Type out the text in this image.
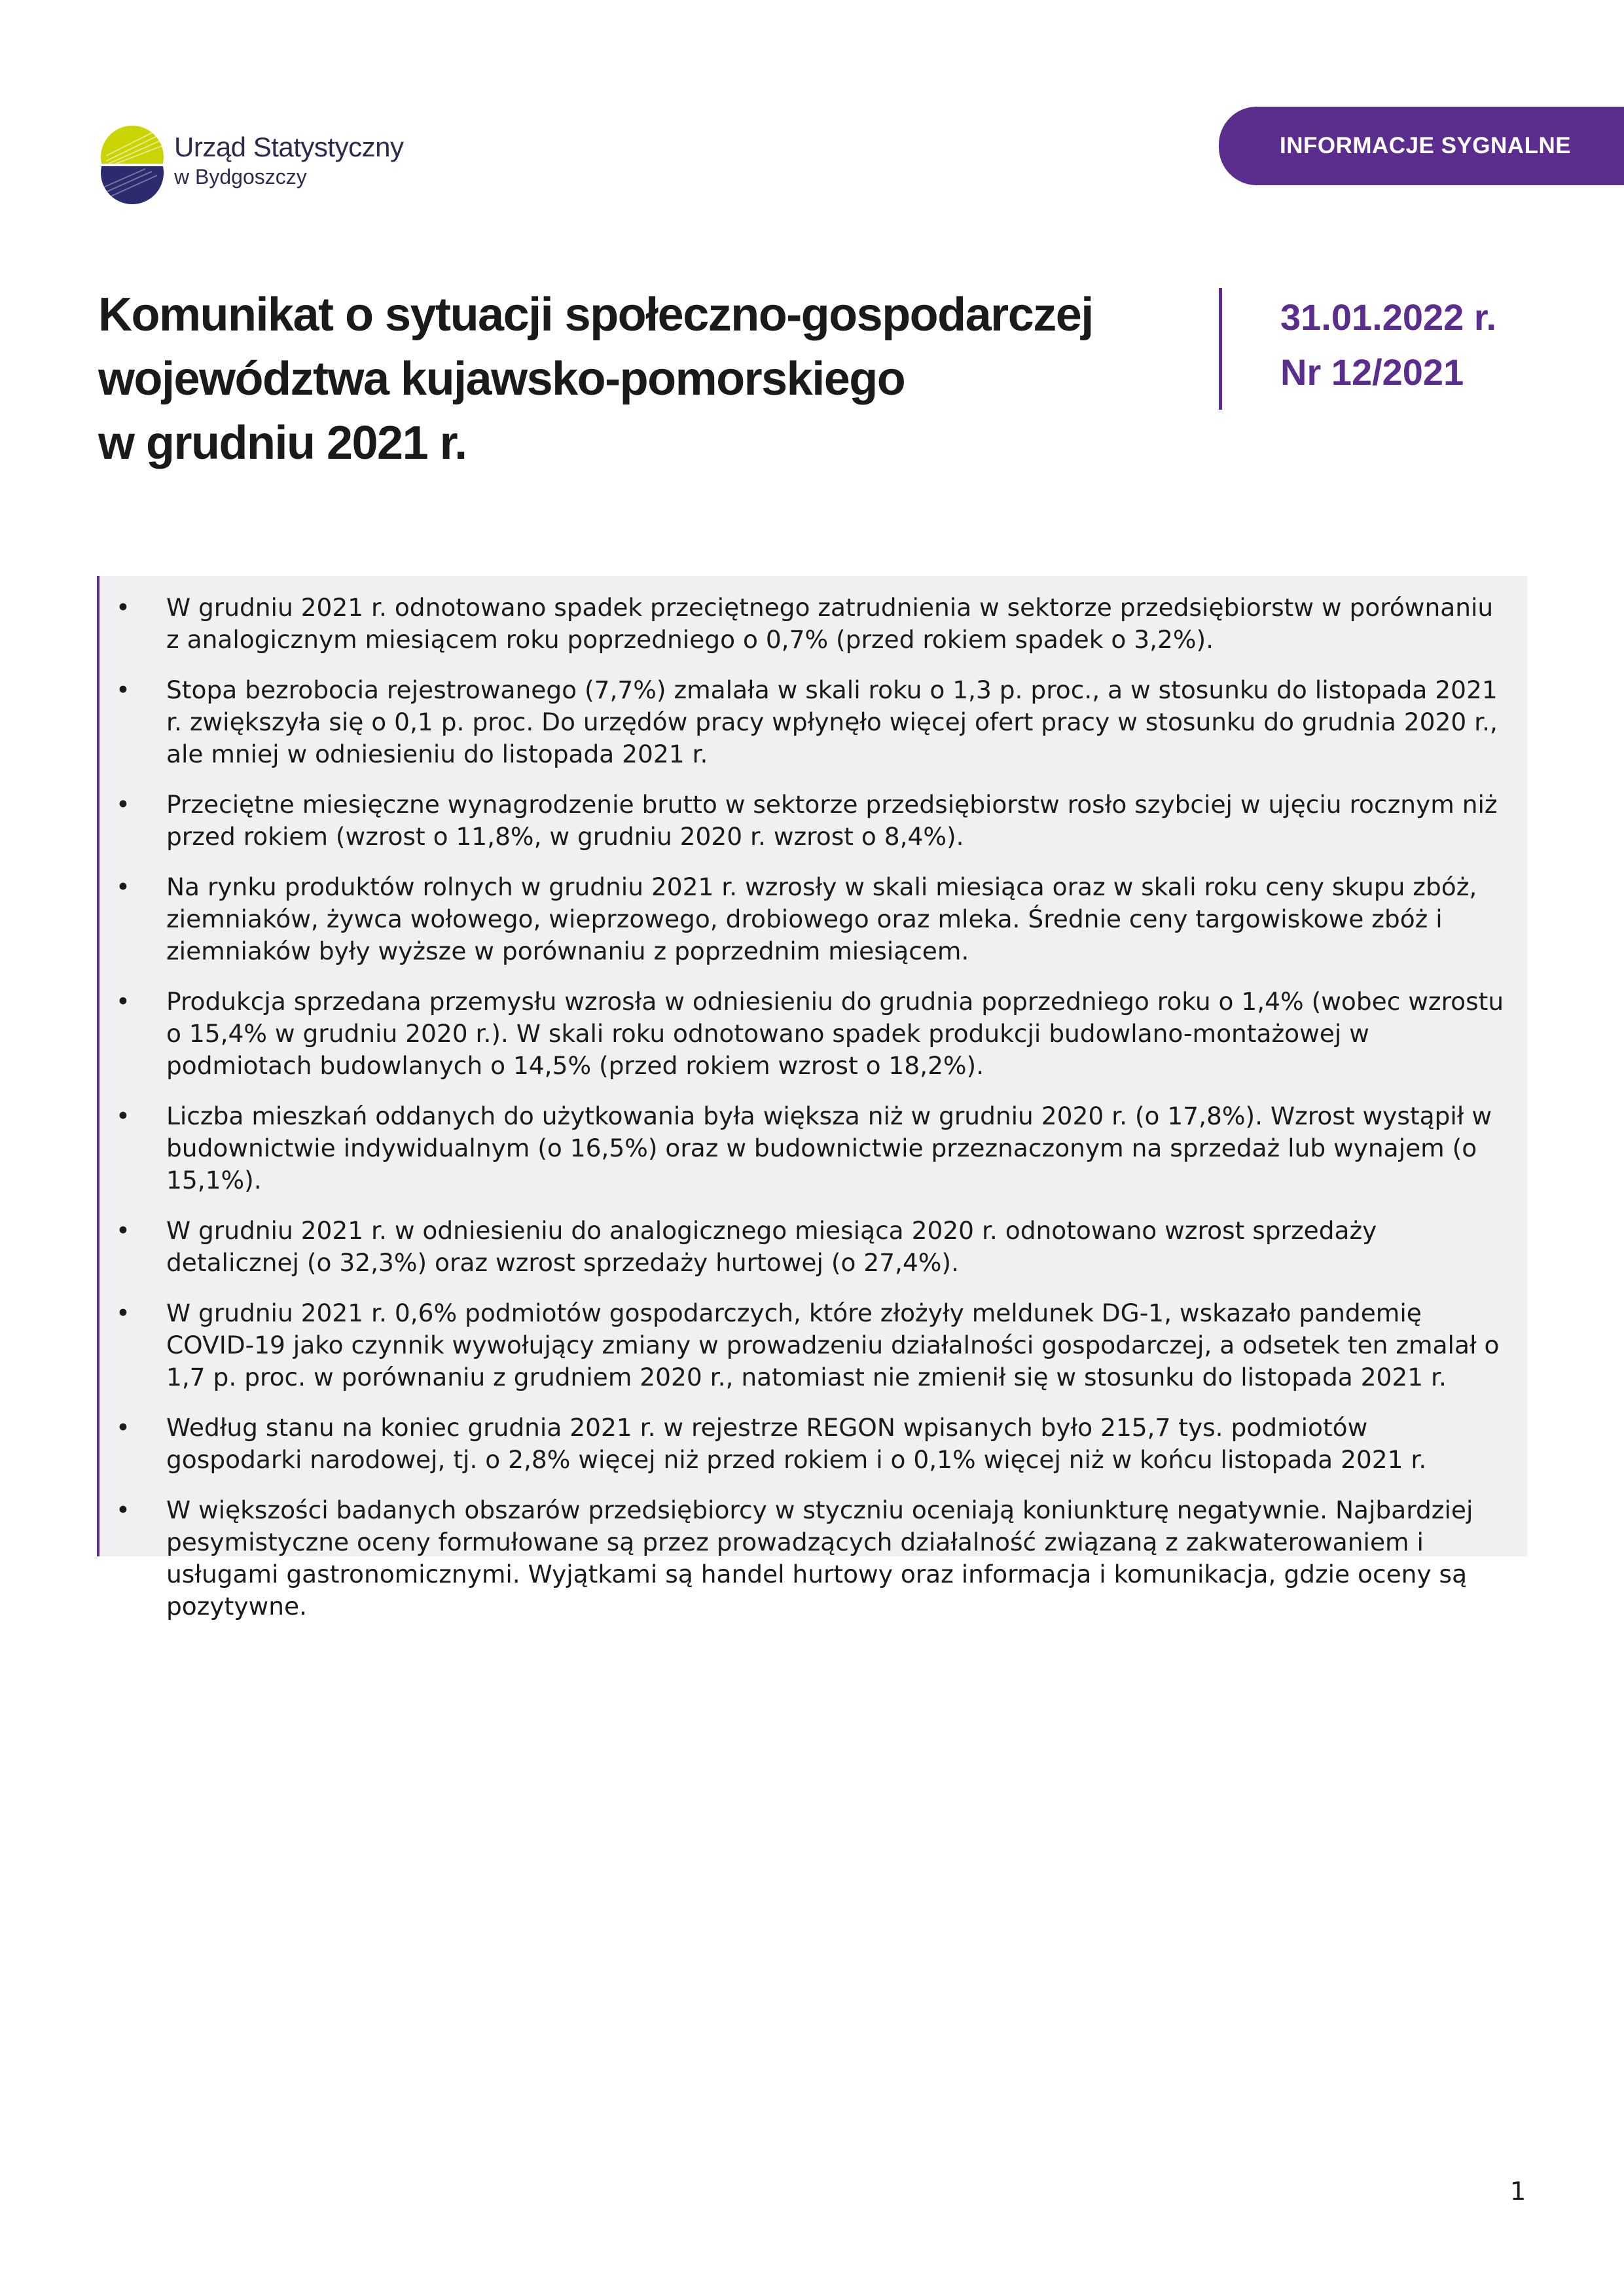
Urząd Statystyczny
w Bydgoszczy
INFORMACJE SYGNALNE
Komunikat o sytuacji społeczno-gospodarczej
województwa kujawsko-pomorskiego
w grudniu 2021 r.
31.01.2022 r.
Nr 12/2021
• W grudniu 2021 r. odnotowano spadek przeciętnego zatrudnienia w sektorze przedsiębiorstw w porównaniu z analogicznym miesiącem roku poprzedniego o 0,7% (przed rokiem spadek o 3,2%).
• Stopa bezrobocia rejestrowanego (7,7%) zmalała w skali roku o 1,3 p. proc., a w stosunku do listopada 2021 r. zwiększyła się o 0,1 p. proc. Do urzędów pracy wpłynęło więcej ofert pracy w stosunku do grudnia 2020 r., ale mniej w odniesieniu do listopada 2021 r.
• Przeciętne miesięczne wynagrodzenie brutto w sektorze przedsiębiorstw rosło szybciej w ujęciu rocznym niż przed rokiem (wzrost o 11,8%, w grudniu 2020 r. wzrost o 8,4%).
• Na rynku produktów rolnych w grudniu 2021 r. wzrosły w skali miesiąca oraz w skali roku ceny skupu zbóż, ziemniaków, żywca wołowego, wieprzowego, drobiowego oraz mleka. Średnie ceny targowiskowe zbóż i ziemniaków były wyższe w porównaniu z poprzednim miesiącem.
• Produkcja sprzedana przemysłu wzrosła w odniesieniu do grudnia poprzedniego roku o 1,4% (wobec wzrostu o 15,4% w grudniu 2020 r.). W skali roku odnotowano spadek produkcji budowlano-montażowej w podmiotach budowlanych o 14,5% (przed rokiem wzrost o 18,2%).
• Liczba mieszkań oddanych do użytkowania była większa niż w grudniu 2020 r. (o 17,8%). Wzrost wystąpił w budownictwie indywidualnym (o 16,5%) oraz w budownictwie przeznaczonym na sprzedaż lub wynajem (o 15,1%).
• W grudniu 2021 r. w odniesieniu do analogicznego miesiąca 2020 r. odnotowano wzrost sprzedaży detalicznej (o 32,3%) oraz wzrost sprzedaży hurtowej (o 27,4%).
• W grudniu 2021 r. 0,6% podmiotów gospodarczych, które złożyły meldunek DG-1, wskazało pandemię COVID-19 jako czynnik wywołujący zmiany w prowadzeniu działalności gospodarczej, a odsetek ten zmalał o 1,7 p. proc. w porównaniu z grudniem 2020 r., natomiast nie zmienił się w stosunku do listopada 2021 r.
• Według stanu na koniec grudnia 2021 r. w rejestrze REGON wpisanych było 215,7 tys. podmiotów gospodarki narodowej, tj. o 2,8% więcej niż przed rokiem i o 0,1% więcej niż w końcu listopada 2021 r.
• W większości badanych obszarów przedsiębiorcy w styczniu oceniają koniunkturę negatywnie. Najbardziej pesymistyczne oceny formułowane są przez prowadzących działalność związaną z zakwaterowaniem i usługami gastronomicznymi. Wyjątkami są handel hurtowy oraz informacja i komunikacja, gdzie oceny są pozytywne.
1
